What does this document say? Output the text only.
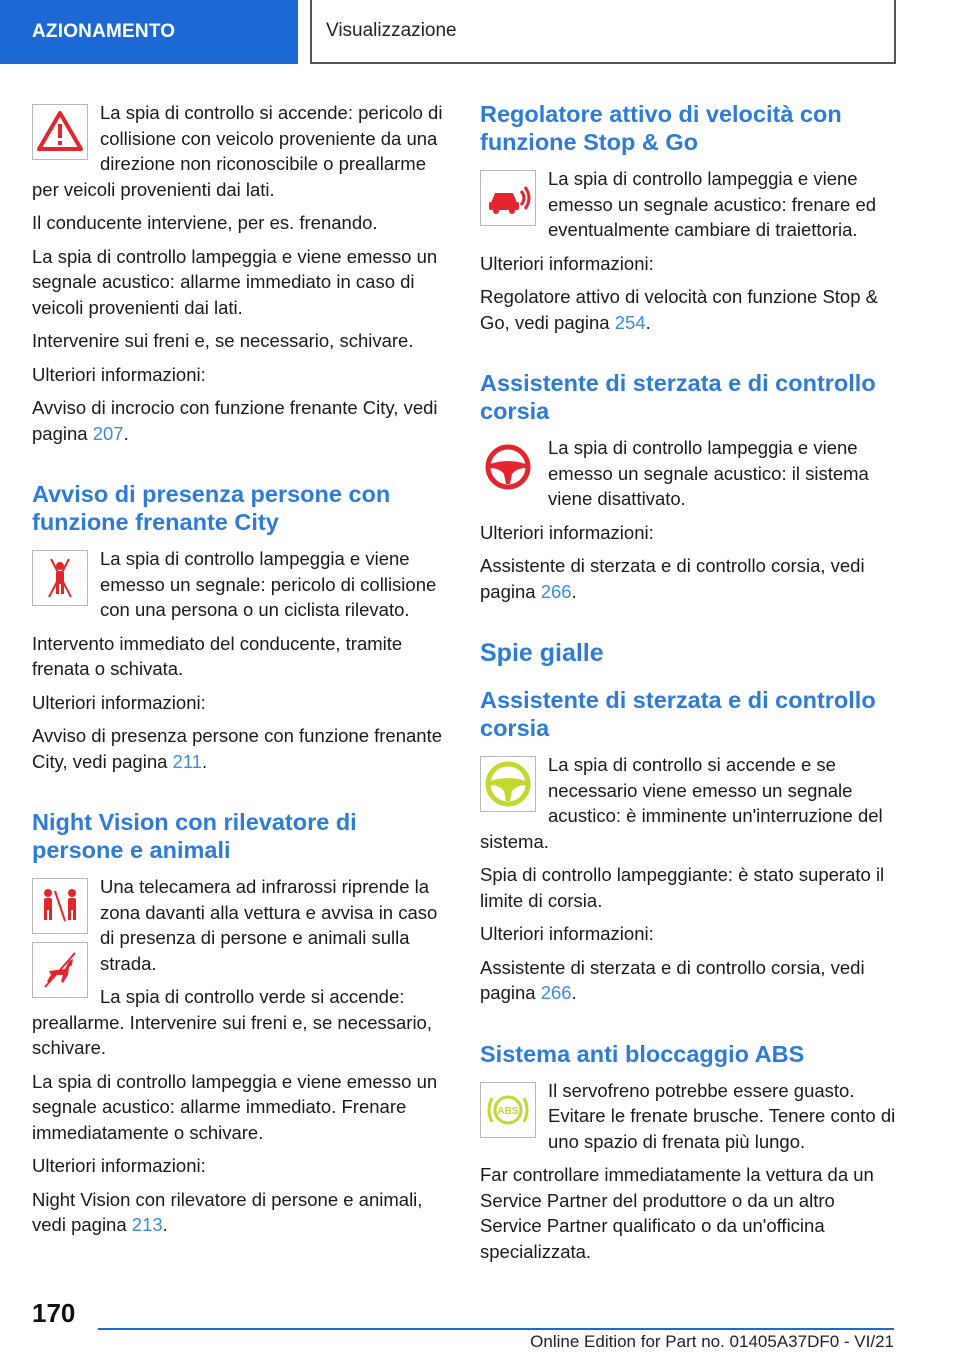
AZIONAMENTO	Visualizzazione

La spia di controllo si accende: pericolo di collisione con veicolo proveniente da una direzione non riconoscibile o preallarme per veicoli provenienti dai lati.

Il conducente interviene, per es. frenando.

La spia di controllo lampeggia e viene emesso un segnale acustico: allarme immediato in caso di veicoli provenienti dai lati.

Intervenire sui freni e, se necessario, schivare.

Ulteriori informazioni:

Avviso di incrocio con funzione frenante City, vedi pagina 207.

Avviso di presenza persone con funzione frenante City

La spia di controllo lampeggia e viene emesso un segnale: pericolo di collisione con una persona o un ciclista rilevato.

Intervento immediato del conducente, tramite frenata o schivata.

Ulteriori informazioni:

Avviso di presenza persone con funzione frenante City, vedi pagina 211.

Night Vision con rilevatore di persone e animali

Una telecamera ad infrarossi riprende la zona davanti alla vettura e avvisa in caso di presenza di persone e animali sulla strada.

La spia di controllo verde si accende: preallarme. Intervenire sui freni e, se necessario, schivare.

La spia di controllo lampeggia e viene emesso un segnale acustico: allarme immediato. Frenare immediatamente o schivare.

Ulteriori informazioni:

Night Vision con rilevatore di persone e animali, vedi pagina 213.

Regolatore attivo di velocità con funzione Stop & Go

La spia di controllo lampeggia e viene emesso un segnale acustico: frenare ed eventualmente cambiare di traiettoria.

Ulteriori informazioni:

Regolatore attivo di velocità con funzione Stop & Go, vedi pagina 254.

Assistente di sterzata e di controllo corsia

La spia di controllo lampeggia e viene emesso un segnale acustico: il sistema viene disattivato.

Ulteriori informazioni:

Assistente di sterzata e di controllo corsia, vedi pagina 266.

Spie gialle
Assistente di sterzata e di controllo corsia

La spia di controllo si accende e se necessario viene emesso un segnale acustico: è imminente un'interruzione del sistema.

Spia di controllo lampeggiante: è stato superato il limite di corsia.

Ulteriori informazioni:

Assistente di sterzata e di controllo corsia, vedi pagina 266.

Sistema anti bloccaggio ABS
ABS

Il servofreno potrebbe essere guasto. Evitare le frenate brusche. Tenere conto di uno spazio di frenata più lungo.

Far controllare immediatamente la vettura da un Service Partner del produttore o da un altro Service Partner qualificato o da un'officina specializzata.

170
Online Edition for Part no. 01405A37DF0 - VI/21
